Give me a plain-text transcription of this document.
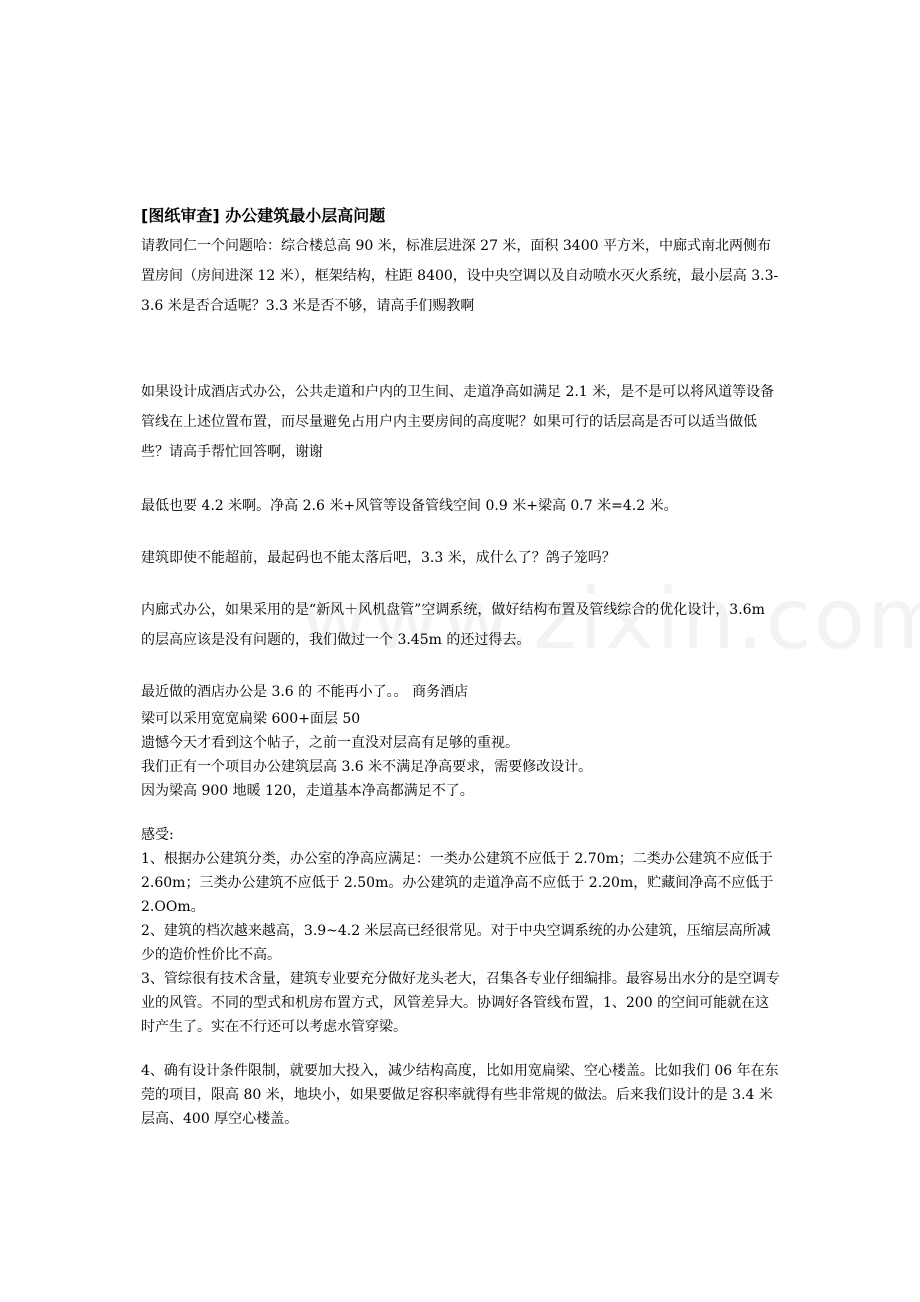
[图纸审查] 办公建筑最小层高问题

请教同仁一个问题哈：综合楼总高 90 米，标准层进深 27 米，面积 3400 平方米，中廊式南北两侧布置房间（房间进深 12 米），框架结构，柱距 8400，设中央空调以及自动喷水灭火系统，最小层高 3.3-3.6 米是否合适呢？3.3 米是否不够，请高手们赐教啊

如果设计成酒店式办公，公共走道和户内的卫生间、走道净高如满足 2.1 米，是不是可以将风道等设备管线在上述位置布置，而尽量避免占用户内主要房间的高度呢？如果可行的话层高是否可以适当做低些？请高手帮忙回答啊，谢谢

最低也要 4.2 米啊。净高 2.6 米+风管等设备管线空间 0.9 米+梁高 0.7 米=4.2 米。

建筑即使不能超前，最起码也不能太落后吧，3.3 米，成什么了？鸽子笼吗？

内廊式办公，如果采用的是“新风＋风机盘管”空调系统，做好结构布置及管线综合的优化设计，3.6m 的层高应该是没有问题的，我们做过一个 3.45m 的还过得去。

最近做的酒店办公是 3.6 的 不能再小了。。 商务酒店

梁可以采用宽宽扁梁 600+面层 50

遗憾今天才看到这个帖子，之前一直没对层高有足够的重视。

我们正有一个项目办公建筑层高 3.6 米不满足净高要求，需要修改设计。

因为梁高 900 地暖 120，走道基本净高都满足不了。

感受:

1、根据办公建筑分类，办公室的净高应满足：一类办公建筑不应低于 2.70m；二类办公建筑不应低于 2.60m；三类办公建筑不应低于 2.50m。办公建筑的走道净高不应低于 2.20m，贮藏间净高不应低于 2.OOm。

2、建筑的档次越来越高，3.9~4.2 米层高已经很常见。对于中央空调系统的办公建筑，压缩层高所减少的造价性价比不高。

3、管综很有技术含量，建筑专业要充分做好龙头老大，召集各专业仔细编排。最容易出水分的是空调专业的风管。不同的型式和机房布置方式，风管差异大。协调好各管线布置，1、200 的空间可能就在这时产生了。实在不行还可以考虑水管穿梁。

4、确有设计条件限制，就要加大投入，减少结构高度，比如用宽扁梁、空心楼盖。比如我们 06 年在东莞的项目，限高 80 米，地块小，如果要做足容积率就得有些非常规的做法。后来我们设计的是 3.4 米层高、400 厚空心楼盖。
